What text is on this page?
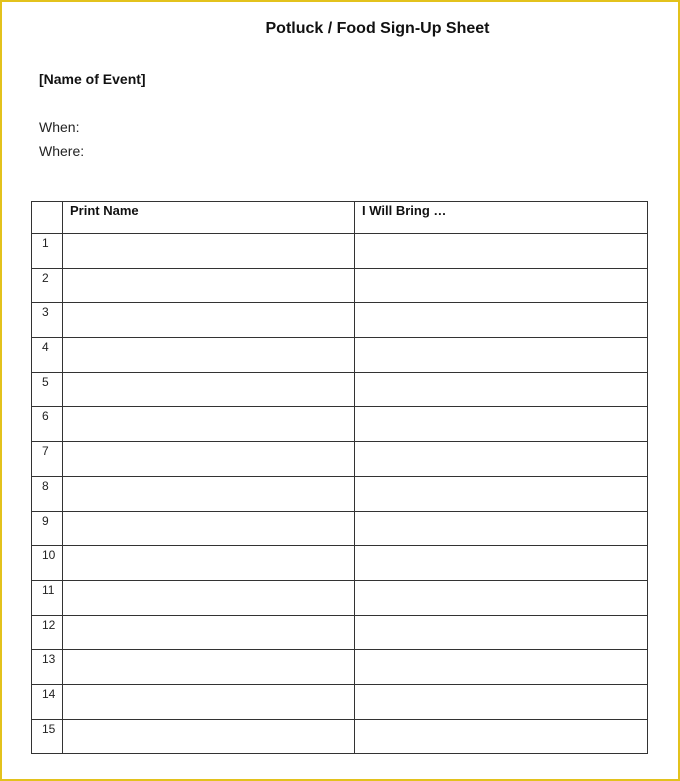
Potluck / Food Sign-Up Sheet
[Name of Event]
When:
Where:

	Print Name	I Will Bring …

1		

2		

3		

4		

5		

6		

7		

8		

9		

10		

11		

12		

13		

14		

15		
